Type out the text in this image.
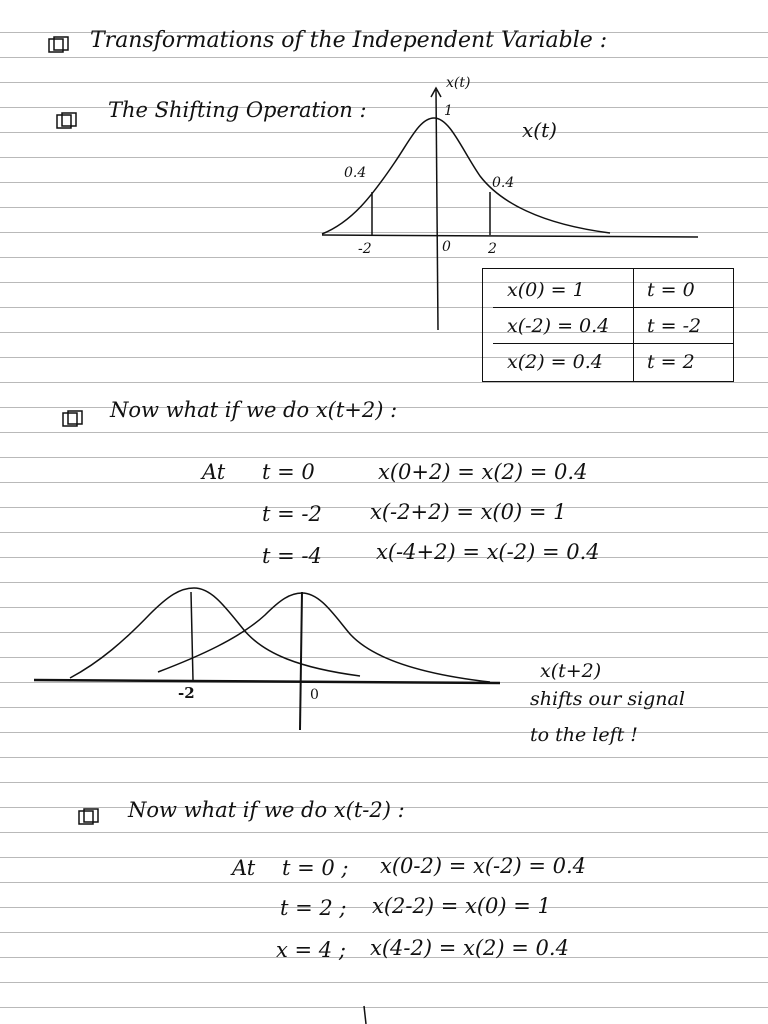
Transformations of the Independent Variable :
The Shifting Operation :
x(t)
1
x(t)
0.4
0.4
-2	0	2
x(0) = 1	t = 0
x(-2) = 0.4 t = -2
x(2) = 0.4 t = 2
Now what if we do x(t+2) :
At t = 0	x(0+2) = x(2) = 0.4
t = -2 x(-2+2) = x(0) = 1
t = -4	x(-4+2) = x(-2) = 0.4
-2	0
x(t+2)
shifts our signal
to the left !
Now what if we do x(t-2) :
At t = 0 ; x(0-2) = x(-2) = 0.4
t = 2 ; x(2-2) = x(0) = 1
x = 4 ; x(4-2) = x(2) = 0.4
